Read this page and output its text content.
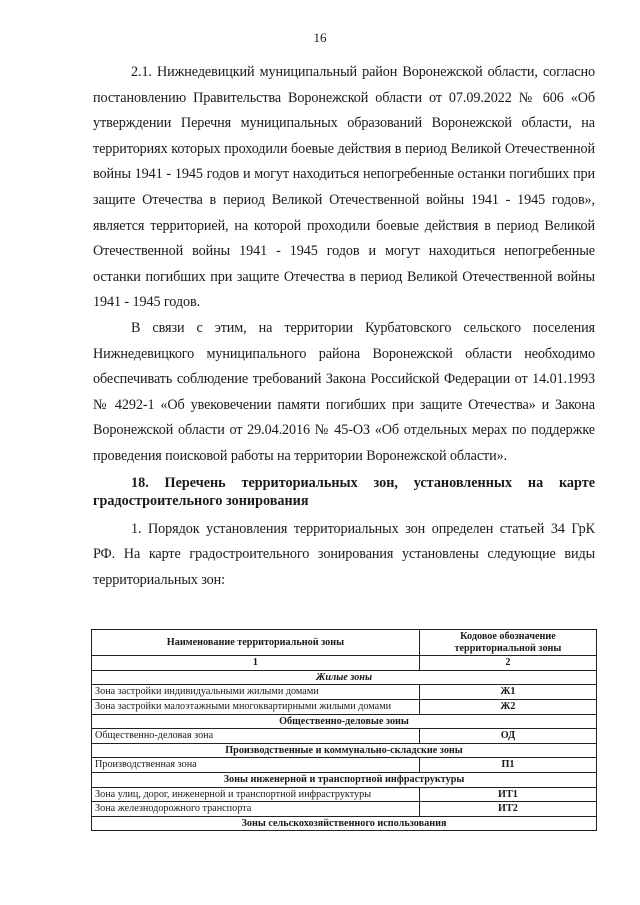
16

2.1. Нижнедевицкий муниципальный район Воронежской области, согласно постановлению Правительства Воронежской области от 07.09.2022 № 606 «Об утверждении Перечня муниципальных образований Воронежской области, на территориях которых проходили боевые действия в период Великой Отечественной войны 1941 - 1945 годов и могут находиться непогребенные останки погибших при защите Отечества в период Великой Отечественной войны 1941 - 1945 годов», является территорией, на которой проходили боевые действия в период Великой Отечественной войны 1941 - 1945 годов и могут находиться непогребенные останки погибших при защите Отечества в период Великой Отечественной войны 1941 - 1945 годов.

В связи с этим, на территории Курбатовского сельского поселения Нижнедевицкого муниципального района Воронежской области необходимо обеспечивать соблюдение требований Закона Российской Федерации от 14.01.1993 № 4292-1 «Об увековечении памяти погибших при защите Отечества» и Закона Воронежской области от 29.04.2016 № 45-ОЗ «Об отдельных мерах по поддержке проведения поисковой работы на территории Воронежской области».

18. Перечень территориальных зон, установленных на карте градостроительного зонирования

1. Порядок установления территориальных зон определен статьей 34 ГрК РФ. На карте градостроительного зонирования установлены следующие виды территориальных зон:

Наименование территориальной зоны	Кодовое обозначение территориальной зоны
1	2
Жилые зоны	
Зона застройки индивидуальными жилыми домами	Ж1
Зона застройки малоэтажными многоквартирными жилыми домами	Ж2
Общественно-деловые зоны	
Общественно-деловая зона	ОД
Производственные и коммунально-складские зоны	
Производственная зона	П1
Зоны инженерной и транспортной инфраструктуры	
Зона улиц, дорог, инженерной и транспортной инфраструктуры	ИТ1
Зона железнодорожного транспорта	ИТ2
Зоны сельскохозяйственного использования	
